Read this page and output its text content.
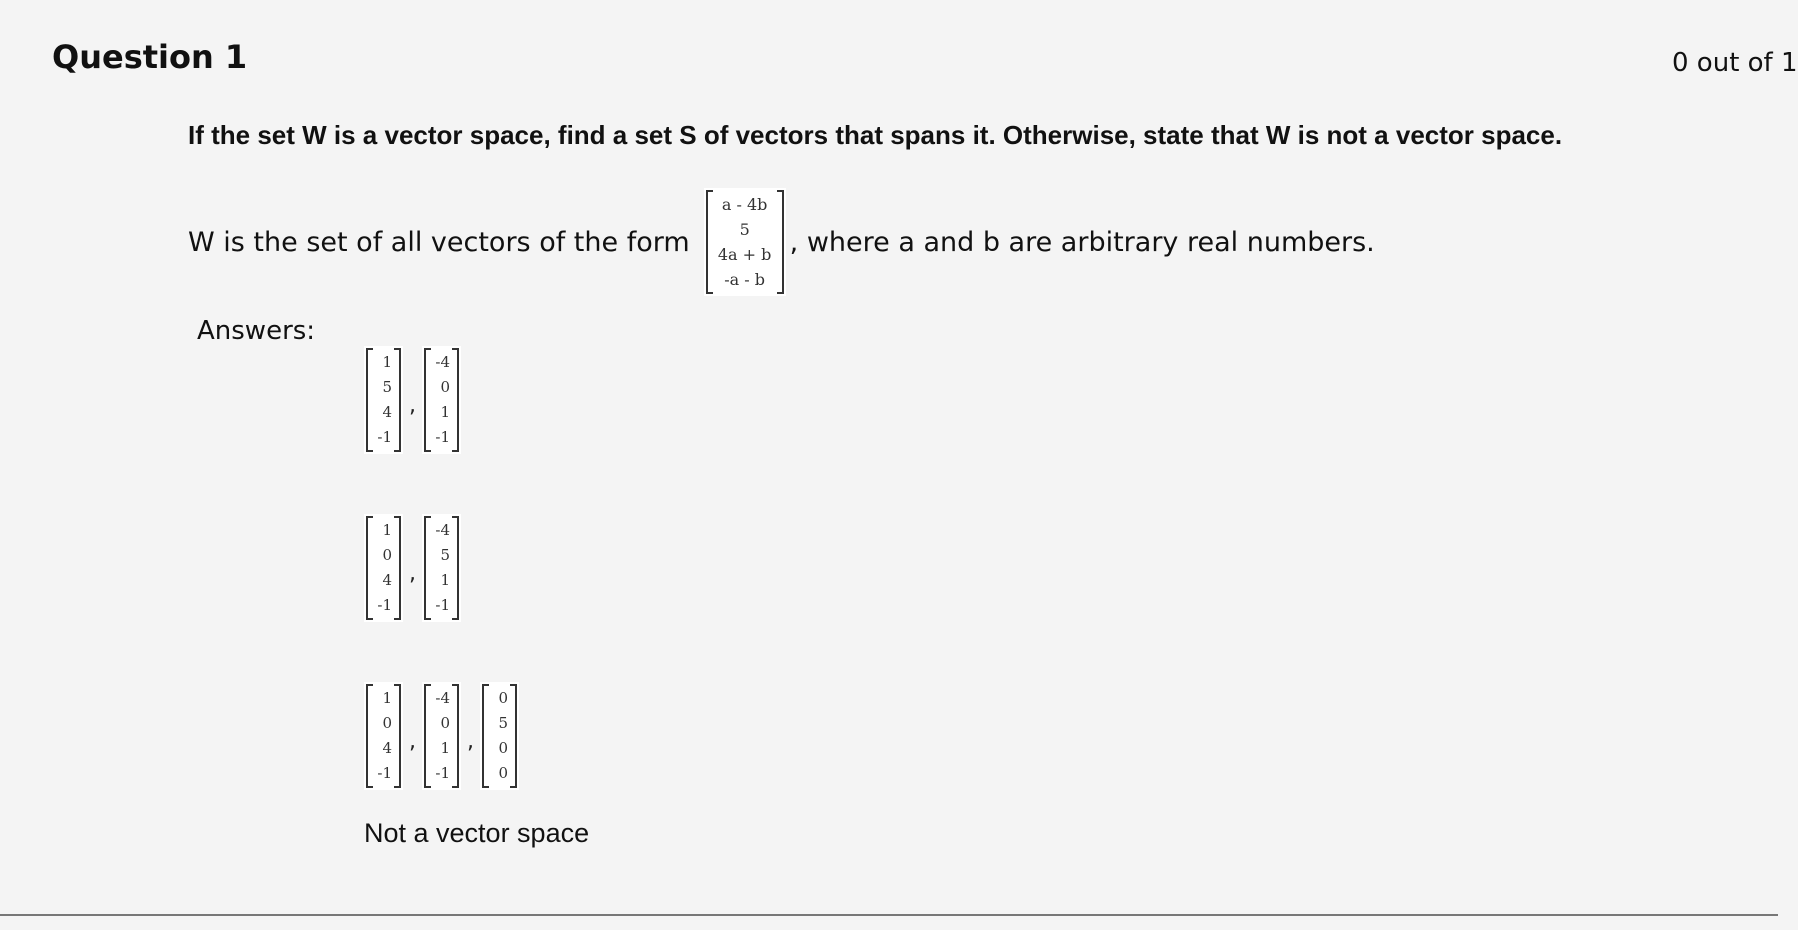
Question 1	0 out of 1
If the set W is a vector space, find a set S of vectors that spans it. Otherwise, state that W is not a vector space.
W is the set of all vectors of the form
a - 4b
5
4a + b
-a - b
, where a and b are arbitrary real numbers.
Answers:
1
5
4
-1
,
-4
0
1
-1
1
0
4
-1
,
-4
5
1
-1
1
0
4
-1
,
-4
0
1
-1
,
0
5
0
0
Not a vector space
